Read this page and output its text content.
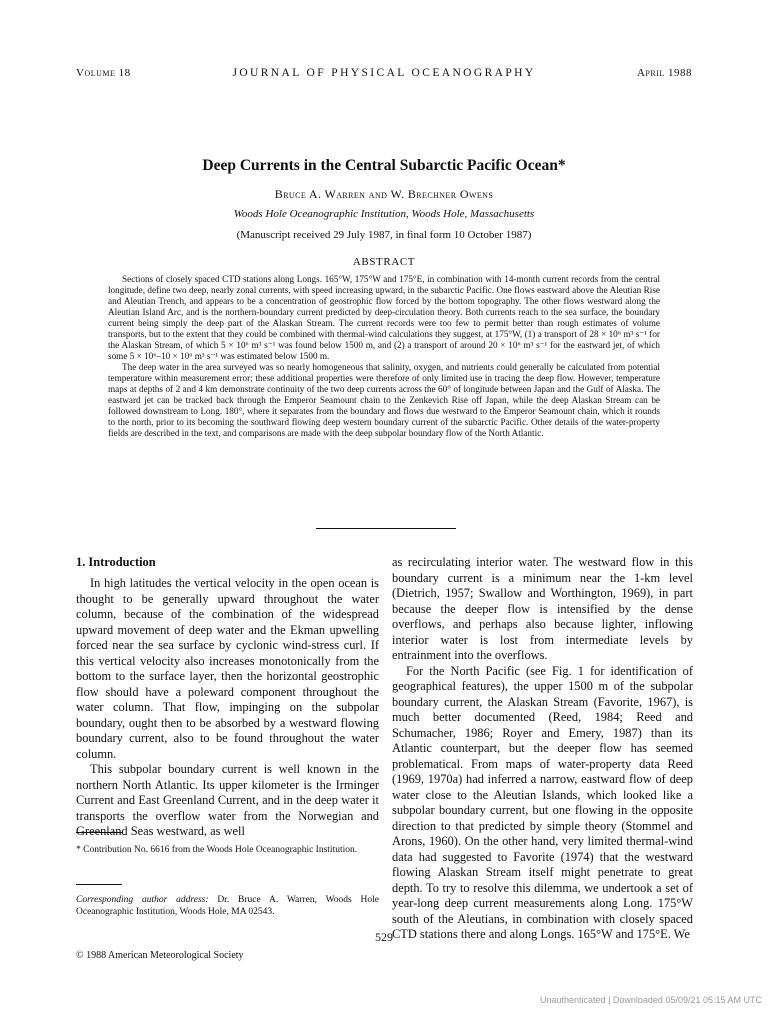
Volume 18	JOURNAL OF PHYSICAL OCEANOGRAPHY	April 1988
Deep Currents in the Central Subarctic Pacific Ocean*
Bruce A. Warren and W. Brechner Owens
Woods Hole Oceanographic Institution, Woods Hole, Massachusetts
(Manuscript received 29 July 1987, in final form 10 October 1987)
ABSTRACT

Sections of closely spaced CTD stations along Longs. 165°W, 175°W and 175°E, in combination with 14-month current records from the central longitude, define two deep, nearly zonal currents, with speed increasing upward, in the subarctic Pacific. One flows eastward above the Aleutian Rise and Aleutian Trench, and appears to be a concentration of geostrophic flow forced by the bottom topography. The other flows westward along the Aleutian Island Arc, and is the northern-boundary current predicted by deep-circulation theory. Both currents reach to the sea surface, the boundary current being simply the deep part of the Alaskan Stream. The current records were too few to permit better than rough estimates of volume transports, but to the extent that they could be combined with thermal-wind calculations they suggest, at 175°W, (1) a transport of 28 × 10⁶ m³ s⁻¹ for the Alaskan Stream, of which 5 × 10⁶ m³ s⁻¹ was found below 1500 m, and (2) a transport of around 20 × 10⁶ m³ s⁻¹ for the eastward jet, of which some 5 × 10⁶–10 × 10⁶ m³ s⁻¹ was estimated below 1500 m.

The deep water in the area surveyed was so nearly homogeneous that salinity, oxygen, and nutrients could generally be calculated from potential temperature within measurement error; these additional properties were therefore of only limited use in tracing the deep flow. However, temperature maps at depths of 2 and 4 km demonstrate continuity of the two deep currents across the 60° of longitude between Japan and the Gulf of Alaska. The eastward jet can be tracked back through the Emperor Seamount chain to the Zenkevich Rise off Japan, while the deep Alaskan Stream can be followed downstream to Long. 180°, where it separates from the boundary and flows due westward to the Emperor Seamount chain, which it rounds to the north, prior to its becoming the southward flowing deep western boundary current of the subarctic Pacific. Other details of the water-property fields are described in the text, and comparisons are made with the deep subpolar boundary flow of the North Atlantic.

1. Introduction

In high latitudes the vertical velocity in the open ocean is thought to be generally upward throughout the water column, because of the combination of the widespread upward movement of deep water and the Ekman upwelling forced near the sea surface by cyclonic wind-stress curl. If this vertical velocity also increases monotonically from the bottom to the surface layer, then the horizontal geostrophic flow should have a poleward component throughout the water column. That flow, impinging on the subpolar boundary, ought then to be absorbed by a westward flowing boundary current, also to be found throughout the water column.

This subpolar boundary current is well known in the northern North Atlantic. Its upper kilometer is the Irminger Current and East Greenland Current, and in the deep water it transports the overflow water from the Norwegian and Greenland Seas westward, as well

as recirculating interior water. The westward flow in this boundary current is a minimum near the 1-km level (Dietrich, 1957; Swallow and Worthington, 1969), in part because the deeper flow is intensified by the dense overflows, and perhaps also because lighter, inflowing interior water is lost from intermediate levels by entrainment into the overflows.

For the North Pacific (see Fig. 1 for identification of geographical features), the upper 1500 m of the subpolar boundary current, the Alaskan Stream (Favorite, 1967), is much better documented (Reed, 1984; Reed and Schumacher, 1986; Royer and Emery, 1987) than its Atlantic counterpart, but the deeper flow has seemed problematical. From maps of water-property data Reed (1969, 1970a) had inferred a narrow, eastward flow of deep water close to the Aleutian Islands, which looked like a subpolar boundary current, but one flowing in the opposite direction to that predicted by simple theory (Stommel and Arons, 1960). On the other hand, very limited thermal-wind data had suggested to Favorite (1974) that the westward flowing Alaskan Stream itself might penetrate to great depth. To try to resolve this dilemma, we undertook a set of year-long deep current measurements along Long. 175°W south of the Aleutians, in combination with closely spaced CTD stations there and along Longs. 165°W and 175°E. We

* Contribution No. 6616 from the Woods Hole Oceanographic Institution.
Corresponding author address: Dr. Bruce A. Warren, Woods Hole Oceanographic Institution, Woods Hole, MA 02543.
529
© 1988 American Meteorological Society
Unauthenticated | Downloaded 05/09/21 05:15 AM UTC
